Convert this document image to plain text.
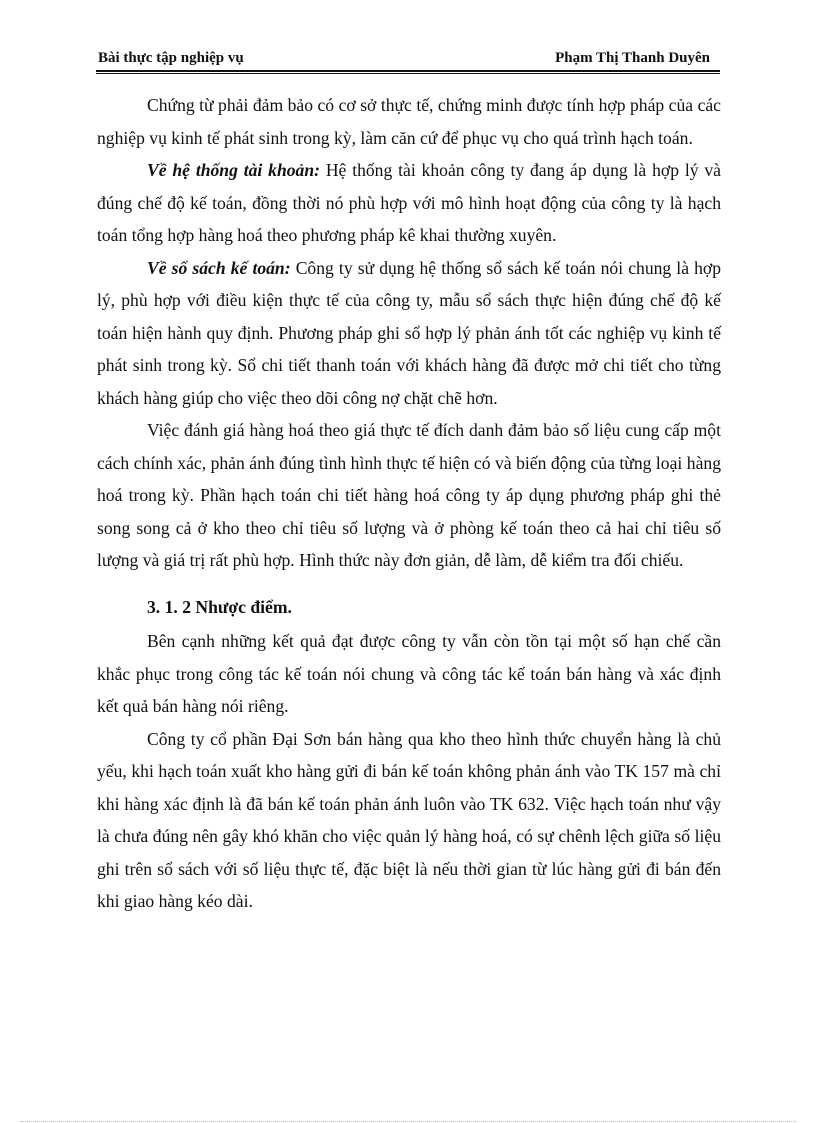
Bài thực tập nghiệp vụ	Phạm Thị Thanh Duyên

Chứng từ phải đảm bảo có cơ sở thực tế, chứng minh được tính hợp pháp của các nghiệp vụ kinh tế phát sinh trong kỳ, làm căn cứ để phục vụ cho quá trình hạch toán.

Về hệ thống tài khoản: Hệ thống tài khoản công ty đang áp dụng là hợp lý và đúng chế độ kế toán, đồng thời nó phù hợp với mô hình hoạt động của công ty là hạch toán tổng hợp hàng hoá theo phương pháp kê khai thường xuyên.

Về sổ sách kế toán: Công ty sử dụng hệ thống sổ sách kế toán nói chung là hợp lý, phù hợp với điều kiện thực tế của công ty, mẫu sổ sách thực hiện đúng chế độ kế toán hiện hành quy định. Phương pháp ghi sổ hợp lý phản ánh tốt các nghiệp vụ kinh tế phát sinh trong kỳ. Sổ chi tiết thanh toán với khách hàng đã được mở chi tiết cho từng khách hàng giúp cho việc theo dõi công nợ chặt chẽ hơn.

Việc đánh giá hàng hoá theo giá thực tế đích danh đảm bảo số liệu cung cấp một cách chính xác, phản ánh đúng tình hình thực tế hiện có và biến động của từng loại hàng hoá trong kỳ. Phần hạch toán chi tiết hàng hoá công ty áp dụng phương pháp ghi thẻ song song cả ở kho theo chỉ tiêu số lượng và ở phòng kế toán theo cả hai chỉ tiêu số lượng và giá trị rất phù hợp. Hình thức này đơn giản, dễ làm, dễ kiểm tra đối chiếu.

3. 1. 2 Nhược điểm.

Bên cạnh những kết quả đạt được công ty vẫn còn tồn tại một số hạn chế cần khắc phục trong công tác kế toán nói chung và công tác kế toán bán hàng và xác định kết quả bán hàng nói riêng.

Công ty cổ phần Đại Sơn bán hàng qua kho theo hình thức chuyển hàng là chủ yếu, khi hạch toán xuất kho hàng gửi đi bán kế toán không phản ánh vào TK 157 mà chỉ khi hàng xác định là đã bán kế toán phản ánh luôn vào TK 632. Việc hạch toán như vậy là chưa đúng nên gây khó khăn cho việc quản lý hàng hoá, có sự chênh lệch giữa số liệu ghi trên sổ sách với số liệu thực tế, đặc biệt là nếu thời gian từ lúc hàng gửi đi bán đến khi giao hàng kéo dài.
